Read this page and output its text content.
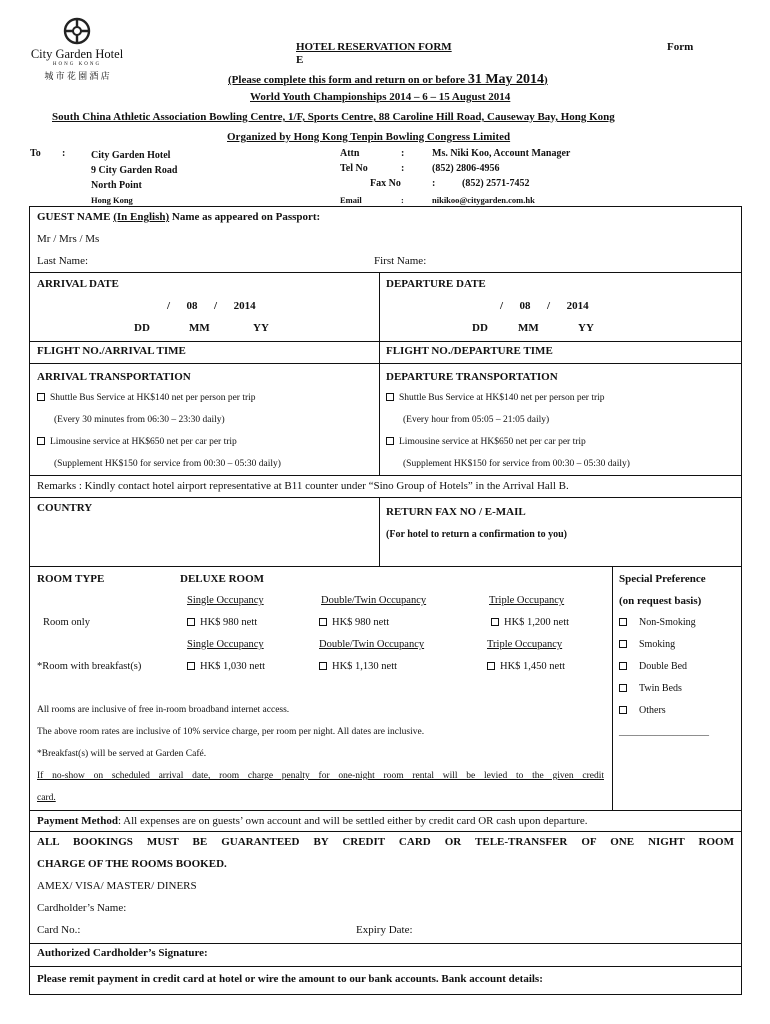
City Garden Hotel
HONG KONG
城 市 花 園 酒 店
HOTEL RESERVATION FORM
E
Form
(Please complete this form and return on or before 31 May 2014)
World Youth Championships 2014 – 6 – 15 August 2014
South China Athletic Association Bowling Centre, 1/F, Sports Centre, 88 Caroline Hill Road, Causeway Bay, Hong Kong
Organized by Hong Kong Tenpin Bowling Congress Limited
To :	City Garden Hotel
9 City Garden Road
North Point
Hong Kong
Attn	:	Ms. Niki Koo, Account Manager
Tel No	:	(852) 2806-4956
Fax No	:	(852) 2571-7452
Email	:	nikikoo@citygarden.com.hk
GUEST NAME (In English) Name as appeared on Passport:
Mr / Mrs / Ms
Last Name:	First Name:
ARRIVAL DATE
/      08      /      2014
DD	MM	YY
DEPARTURE DATE
/      08      /      2014
DD	MM	YY
FLIGHT NO./ARRIVAL TIME	FLIGHT NO./DEPARTURE TIME
ARRIVAL TRANSPORTATION
Shuttle Bus Service at HK$140 net per person per trip
(Every 30 minutes from 06:30 – 23:30 daily)
Limousine service at HK$650 net per car per trip
(Supplement HK$150 for service from 00:30 – 05:30 daily)
DEPARTURE TRANSPORTATION
Shuttle Bus Service at HK$140 net per person per trip
(Every hour from 05:05 – 21:05 daily)
Limousine service at HK$650 net per car per trip
(Supplement HK$150 for service from 00:30 – 05:30 daily)
Remarks : Kindly contact hotel airport representative at B11 counter under “Sino Group of Hotels” in the Arrival Hall B.
COUNTRY	RETURN FAX NO / E-MAIL
(For hotel to return a confirmation to you)
ROOM TYPE	DELUXE ROOM
Single Occupancy	Double/Twin Occupancy	Triple Occupancy
Room only	HK$ 980 nett	HK$ 980 nett	HK$ 1,200 nett
Single Occupancy	Double/Twin Occupancy	Triple Occupancy
*Room with breakfast(s)	HK$ 1,030 nett	HK$ 1,130 nett	HK$ 1,450 nett
All rooms are inclusive of free in-room broadband internet access.
The above room rates are inclusive of 10% service charge, per room per night. All dates are inclusive.
*Breakfast(s) will be served at Garden Café.
If no-show on scheduled arrival date, room charge penalty for one-night room rental will be levied to the given credit
card.
Special Preference
(on request basis)
Non-Smoking
Smoking
Double Bed
Twin Beds
Others
____________________
Payment Method: All expenses are on guests’ own account and will be settled either by credit card OR cash upon departure.
ALL BOOKINGS MUST BE GUARANTEED BY CREDIT CARD OR TELE-TRANSFER OF ONE NIGHT ROOM
CHARGE OF THE ROOMS BOOKED.
AMEX/ VISA/ MASTER/ DINERS
Cardholder’s Name:
Card No.:	Expiry Date:
Authorized Cardholder’s Signature:
Please remit payment in credit card at hotel or wire the amount to our bank accounts. Bank account details:
